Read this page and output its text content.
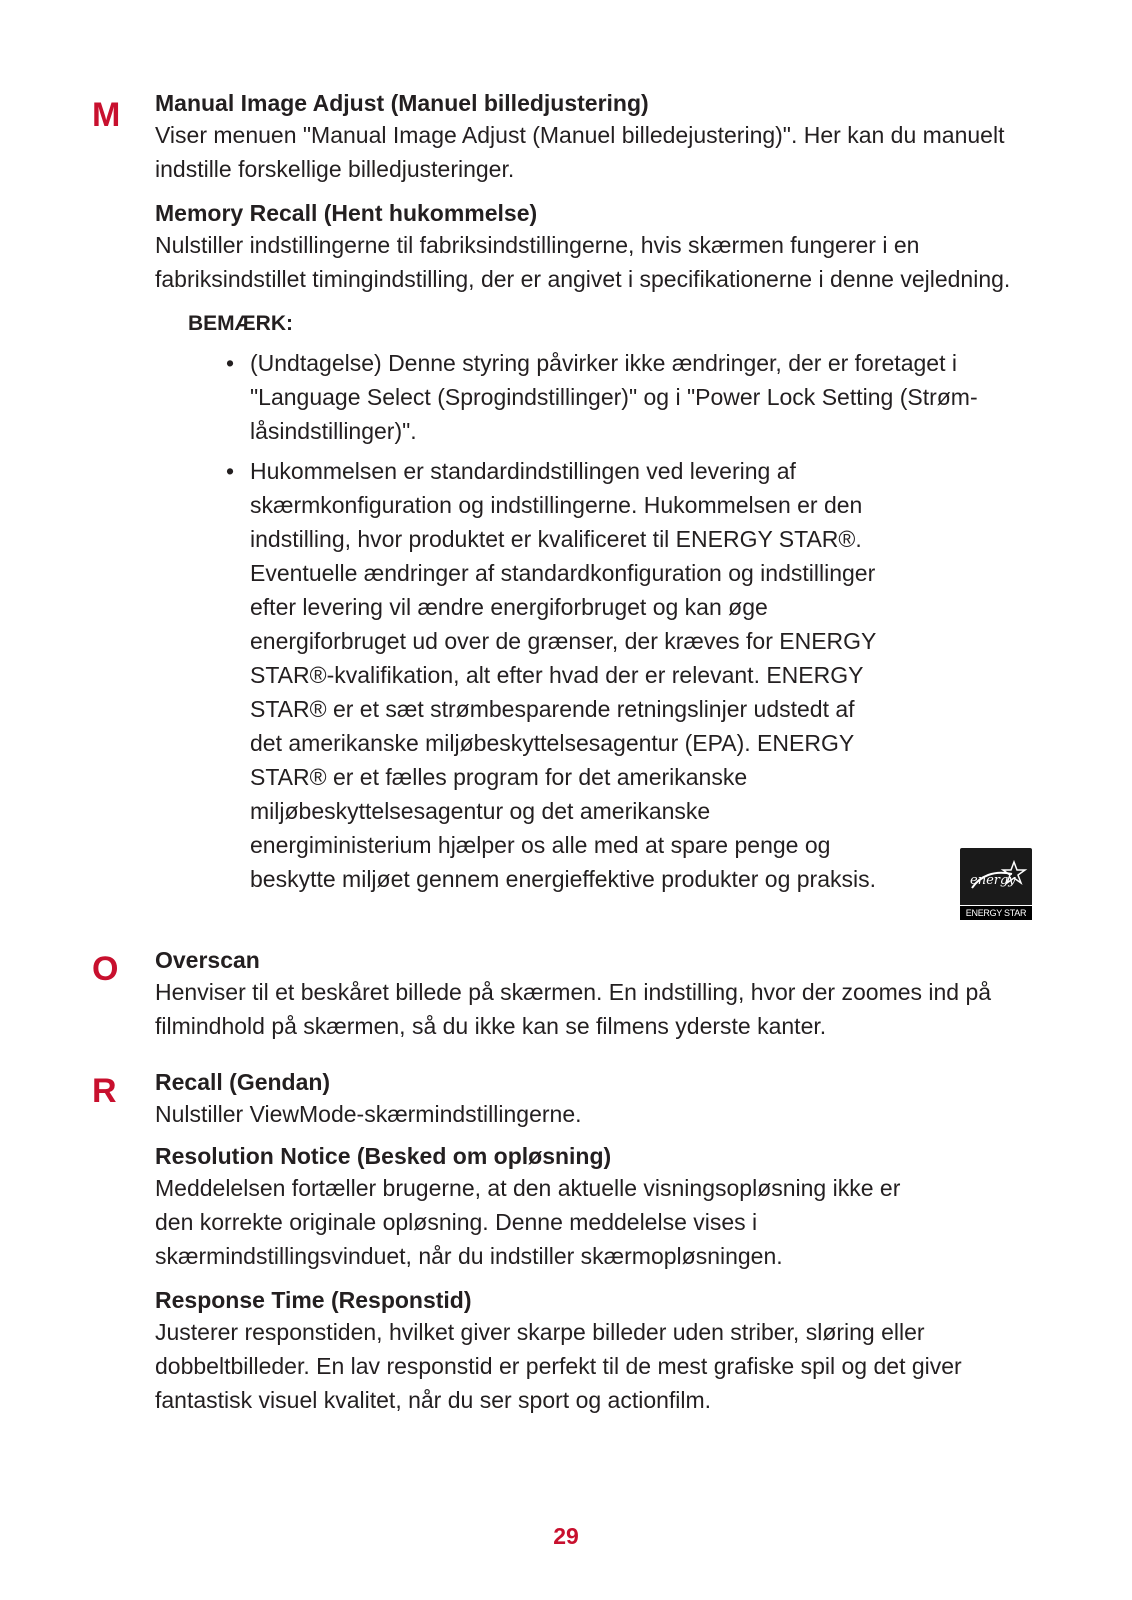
M	Manual Image Adjust (Manuel billedjustering)

Viser menuen "Manual Image Adjust (Manuel billedejustering)". Her kan du manuelt indstille forskellige billedjusteringer.

Memory Recall (Hent hukommelse)

Nulstiller indstillingerne til fabriksindstillingerne, hvis skærmen fungerer i en fabriksindstillet timingindstilling, der er angivet i specifikationerne i denne vejledning.

BEMÆRK:

• (Undtagelse) Denne styring påvirker ikke ændringer, der er foretaget i "Language Select (Sprogindstillinger)" og i "Power Lock Setting (Strøm-låsindstillinger)".
• Hukommelsen er standardindstillingen ved levering af skærmkonfiguration og indstillingerne. Hukommelsen er den indstilling, hvor produktet er kvalificeret til ENERGY STAR®. Eventuelle ændringer af standardkonfiguration og indstillinger efter levering vil ændre energiforbruget og kan øge energiforbruget ud over de grænser, der kræves for ENERGY STAR®-kvalifikation, alt efter hvad der er relevant. ENERGY STAR® er et sæt strømbesparende retningslinjer udstedt af det amerikanske miljøbeskyttelsesagentur (EPA). ENERGY STAR® er et fælles program for det amerikanske miljøbeskyttelsesagentur og det amerikanske energiministerium hjælper os alle med at spare penge og beskytte miljøet gennem energieffektive produkter og praksis.	energy
ENERGY STAR
O	Overscan

Henviser til et beskåret billede på skærmen. En indstilling, hvor der zoomes ind på filmindhold på skærmen, så du ikke kan se filmens yderste kanter.

R	Recall (Gendan)

Nulstiller ViewMode-skærmindstillingerne.

Resolution Notice (Besked om opløsning)

Meddelelsen fortæller brugerne, at den aktuelle visningsopløsning ikke er den korrekte originale opløsning. Denne meddelelse vises i skærmindstillingsvinduet, når du indstiller skærmopløsningen.

Response Time (Responstid)

Justerer responstiden, hvilket giver skarpe billeder uden striber, sløring eller dobbeltbilleder. En lav responstid er perfekt til de mest grafiske spil og det giver fantastisk visuel kvalitet, når du ser sport og actionfilm.

29
